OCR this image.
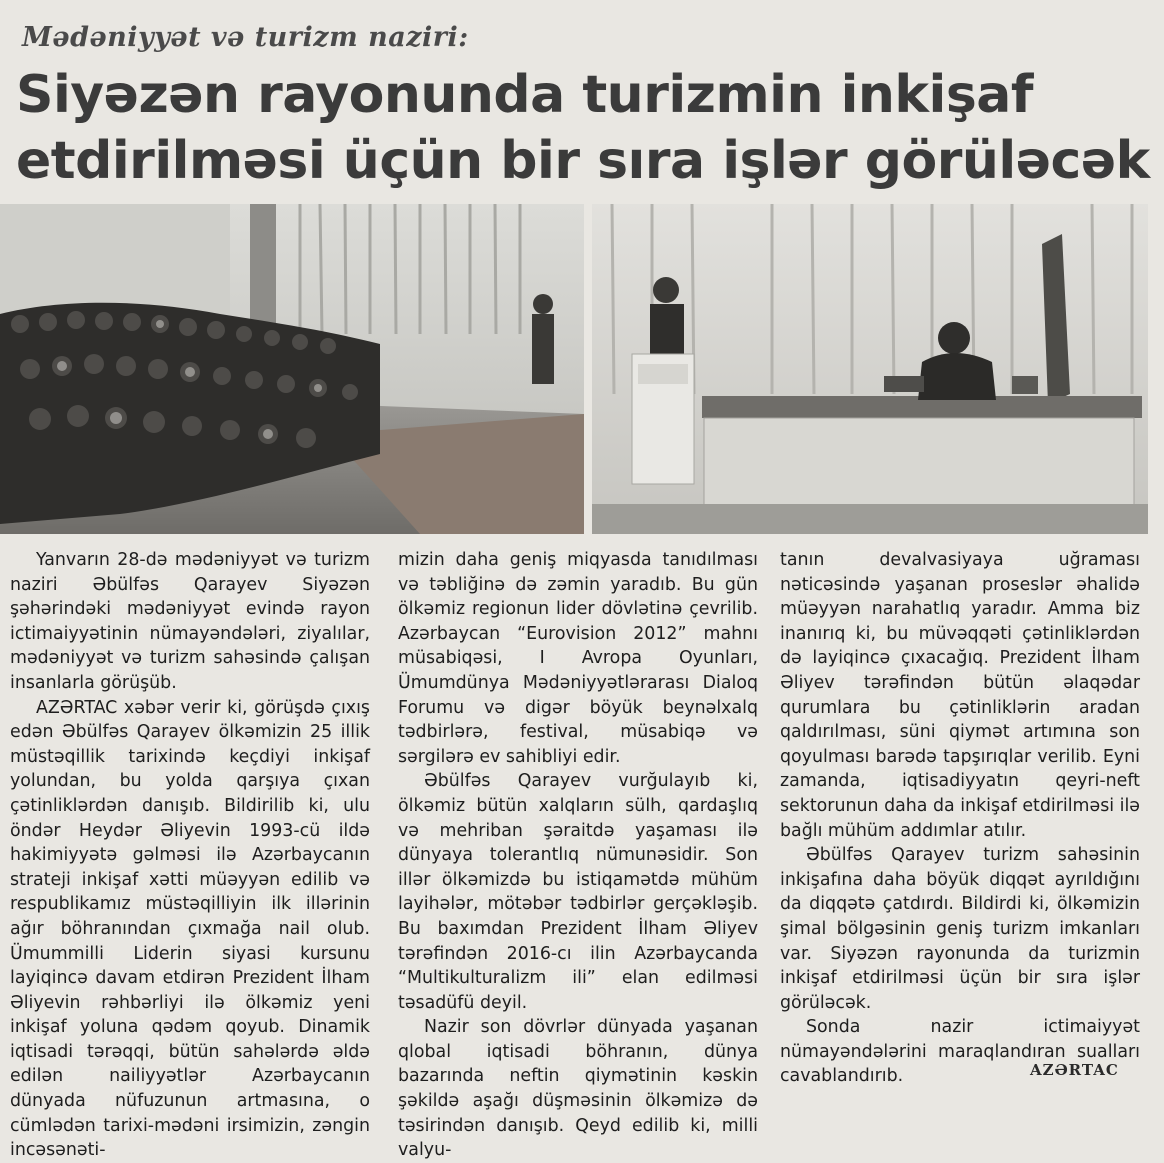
Mədəniyyət və turizm naziri:
Siyəzən rayonunda turizmin inkişaf
etdirilməsi üçün bir sıra işlər görüləcək

Yanvarın 28-də mədəniyyət və turizm naziri Əbülfəs Qarayev Siyəzən şəhərindəki mədəniyyət evində rayon ictimaiyyətinin nümayəndələri, ziyalılar, mədəniyyət və turizm sahəsində çalışan insanlarla görüşüb.

AZƏRTAC xəbər verir ki, görüşdə çıxış edən Əbülfəs Qarayev ölkəmizin 25 illik müstəqillik tarixində keçdiyi inkişaf yolundan, bu yolda qarşıya çıxan çətinliklərdən danışıb. Bildirilib ki, ulu öndər Heydər Əliyevin 1993-cü ildə hakimiyyətə gəlməsi ilə Azərbaycanın strateji inkişaf xətti müəyyən edilib və respublikamız müstəqilliyin ilk illərinin ağır böhranından çıxmağa nail olub. Ümummilli Liderin siyasi kursunu layiqincə davam etdirən Prezident İlham Əliyevin rəhbərliyi ilə ölkəmiz yeni inkişaf yoluna qədəm qoyub. Dinamik iqtisadi tərəqqi, bütün sahələrdə əldə edilən nailiyyətlər Azərbaycanın dünyada nüfuzunun artmasına, o cümlədən tarixi-mədəni irsimizin, zəngin incəsənəti-

mizin daha geniş miqyasda tanıdılması və təbliğinə də zəmin yaradıb. Bu gün ölkəmiz regionun lider dövlətinə çevrilib. Azərbaycan “Eurovision 2012” mahnı müsabiqəsi, I Avropa Oyunları, Ümumdünya Mədəniyyətlərarası Dialoq Forumu və digər böyük beynəlxalq tədbirlərə, festival, müsabiqə və sərgilərə ev sahibliyi edir.

Əbülfəs Qarayev vurğulayıb ki, ölkəmiz bütün xalqların sülh, qardaşlıq və mehriban şəraitdə yaşaması ilə dünyaya tolerantlıq nümunəsidir. Son illər ölkəmizdə bu istiqamətdə mühüm layihələr, mötəbər tədbirlər gerçəkləşib. Bu baxımdan Prezident İlham Əliyev tərəfindən 2016-cı ilin Azərbaycanda “Multikulturalizm ili” elan edilməsi təsadüfü deyil.

Nazir son dövrlər dünyada yaşanan qlobal iqtisadi böhranın, dünya bazarında neftin qiymətinin kəskin şəkildə aşağı düşməsinin ölkəmizə də təsirindən danışıb. Qeyd edilib ki, milli valyu-

tanın devalvasiyaya uğraması nəticəsində yaşanan proseslər əhalidə müəyyən narahatlıq yaradır. Amma biz inanırıq ki, bu müvəqqəti çətinliklərdən də layiqincə çıxacağıq. Prezident İlham Əliyev tərəfindən bütün əlaqədar qurumlara bu çətinliklərin aradan qaldırılması, süni qiymət artımına son qoyulması barədə tapşırıqlar verilib. Eyni zamanda, iqtisadiyyatın qeyri-neft sektorunun daha da inkişaf etdirilməsi ilə bağlı mühüm addımlar atılır.

Əbülfəs Qarayev turizm sahəsinin inkişafına daha böyük diqqət ayrıldığını da diqqətə çatdırdı. Bildirdi ki, ölkəmizin şimal bölgəsinin geniş turizm imkanları var. Siyəzən rayonunda da turizmin inkişaf etdirilməsi üçün bir sıra işlər görüləcək.

Sonda nazir ictimaiyyət nümayəndələrini maraqlandıran sualları cavablandırıb.	AZƏRTAC
